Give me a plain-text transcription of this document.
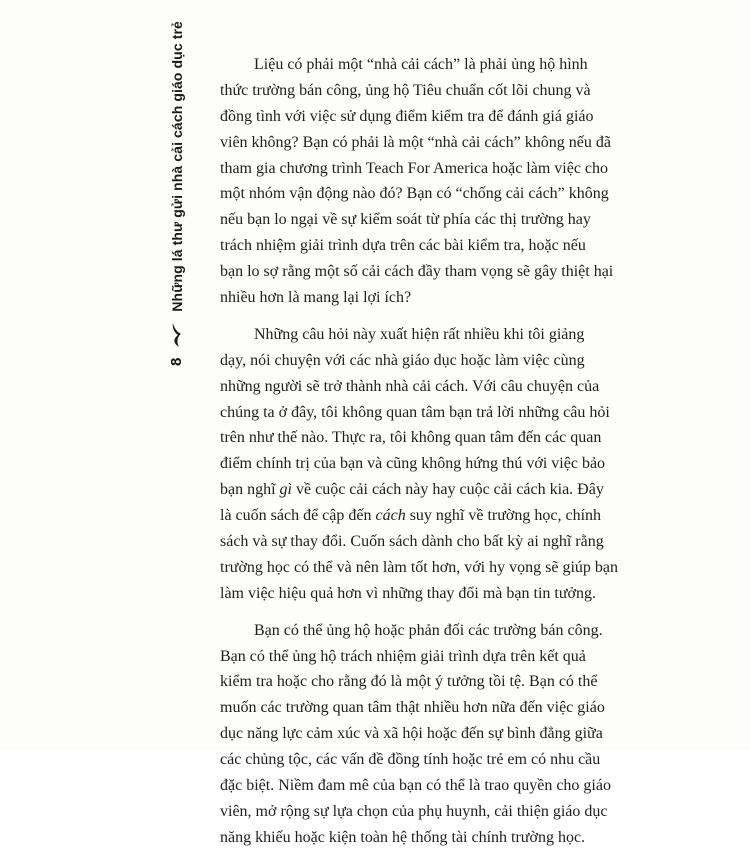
8
Những lá thư gửi nhà cải cách giáo dục trẻ	Liệu có phải một “nhà cải cách” là phải ủng hộ hình
thức trường bán công, ủng hộ Tiêu chuẩn cốt lõi chung và
đồng tình với việc sử dụng điểm kiểm tra để đánh giá giáo
viên không? Bạn có phải là một “nhà cải cách” không nếu đã
tham gia chương trình Teach For America hoặc làm việc cho
một nhóm vận động nào đó? Bạn có “chống cải cách” không
nếu bạn lo ngại về sự kiểm soát từ phía các thị trường hay
trách nhiệm giải trình dựa trên các bài kiểm tra, hoặc nếu
bạn lo sợ rằng một số cải cách đầy tham vọng sẽ gây thiệt hại
nhiều hơn là mang lại lợi ích?
Những câu hỏi này xuất hiện rất nhiều khi tôi giảng
dạy, nói chuyện với các nhà giáo dục hoặc làm việc cùng
những người sẽ trở thành nhà cải cách. Với câu chuyện của
chúng ta ở đây, tôi không quan tâm bạn trả lời những câu hỏi
trên như thế nào. Thực ra, tôi không quan tâm đến các quan
điểm chính trị của bạn và cũng không hứng thú với việc bảo
bạn nghĩ gì về cuộc cải cách này hay cuộc cải cách kia. Đây
là cuốn sách để cập đến cách suy nghĩ về trường học, chính
sách và sự thay đổi. Cuốn sách dành cho bất kỳ ai nghĩ rằng
trường học có thể và nên làm tốt hơn, với hy vọng sẽ giúp bạn
làm việc hiệu quả hơn vì những thay đổi mà bạn tin tưởng.
Bạn có thể ủng hộ hoặc phản đối các trường bán công.
Bạn có thể ủng hộ trách nhiệm giải trình dựa trên kết quả
kiểm tra hoặc cho rằng đó là một ý tưởng tồi tệ. Bạn có thể
muốn các trường quan tâm thật nhiều hơn nữa đến việc giáo
dục năng lực cảm xúc và xã hội hoặc đến sự bình đẳng giữa
các chủng tộc, các vấn đề đồng tính hoặc trẻ em có nhu cầu
đặc biệt. Niềm đam mê của bạn có thể là trao quyền cho giáo
viên, mở rộng sự lựa chọn của phụ huynh, cải thiện giáo dục
năng khiếu hoặc kiện toàn hệ thống tài chính trường học.
